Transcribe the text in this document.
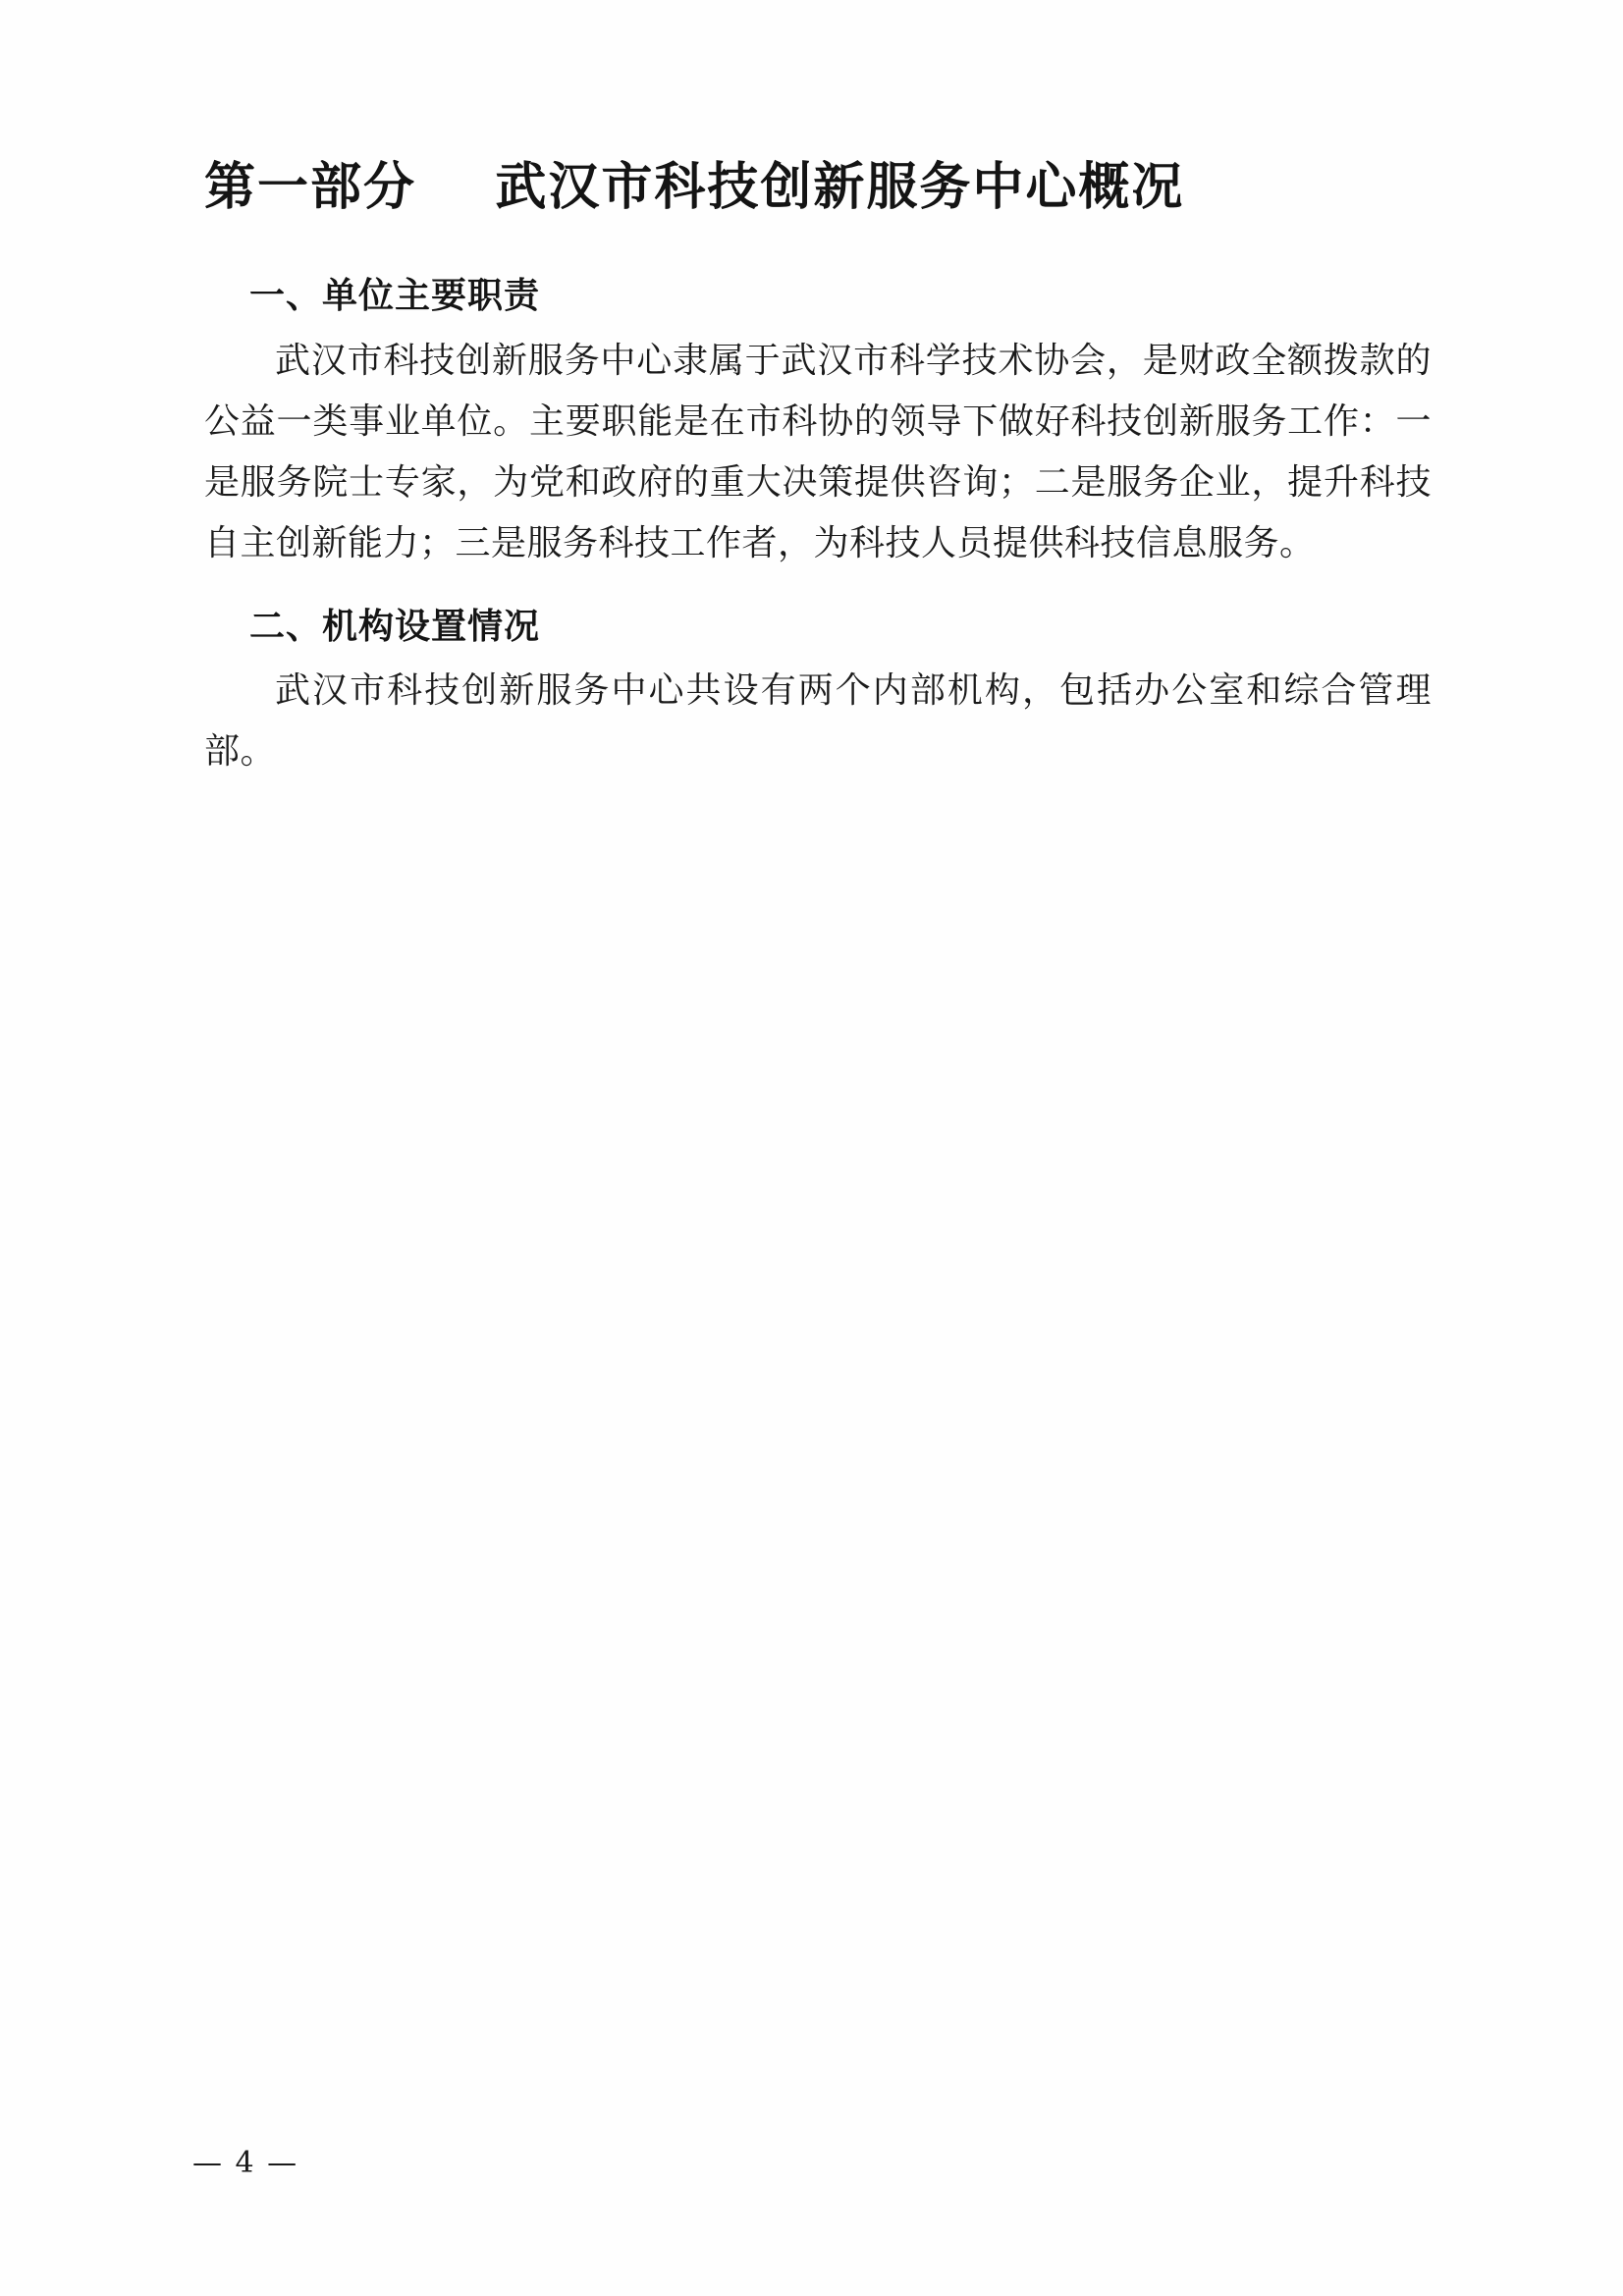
第一部分    武汉市科技创新服务中心概况
一、单位主要职责

武汉市科技创新服务中心隶属于武汉市科学技术协会，是财政全额拨款的公益一类事业单位。主要职能是在市科协的领导下做好科技创新服务工作：一是服务院士专家，为党和政府的重大决策提供咨询；二是服务企业，提升科技自主创新能力；三是服务科技工作者，为科技人员提供科技信息服务。

二、机构设置情况

武汉市科技创新服务中心共设有两个内部机构，包括办公室和综合管理部。

— 4 —
